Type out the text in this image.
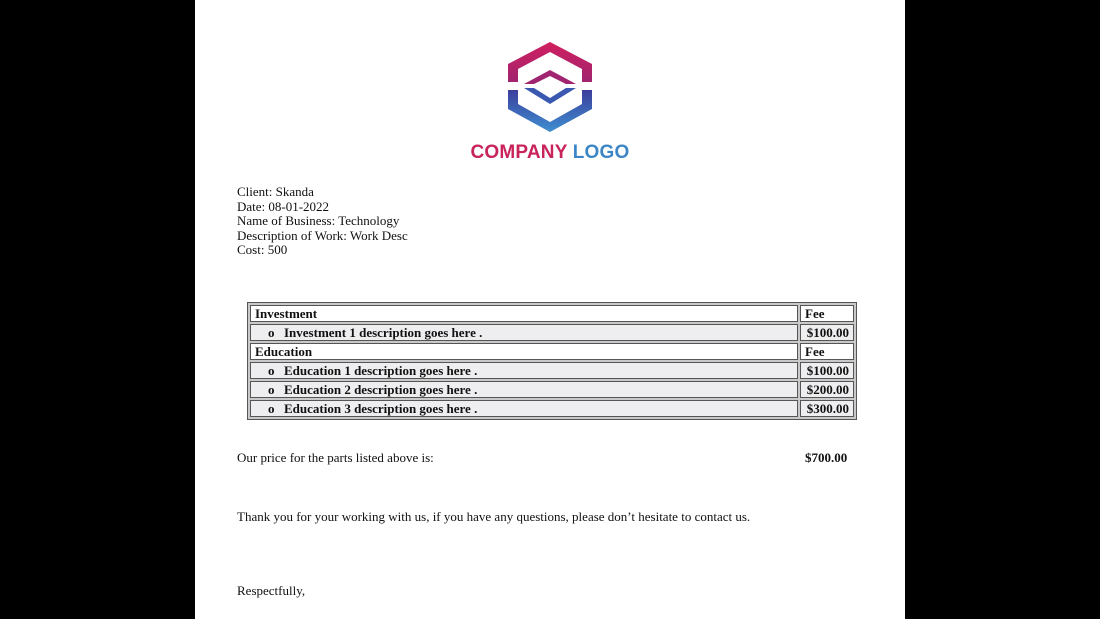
COMPANY LOGO
Client: Skanda
Date: 08-01-2022
Name of Business: Technology
Description of Work: Work Desc
Cost: 500
Investment	Fee
o Investment 1 description goes here .	$100.00
Education	Fee
o Education 1 description goes here .	$100.00
o Education 2 description goes here .	$200.00
o Education 3 description goes here .	$300.00
Our price for the parts listed above is:	$700.00
Thank you for your working with us, if you have any questions, please don’t hesitate to contact us.
Respectfully,
